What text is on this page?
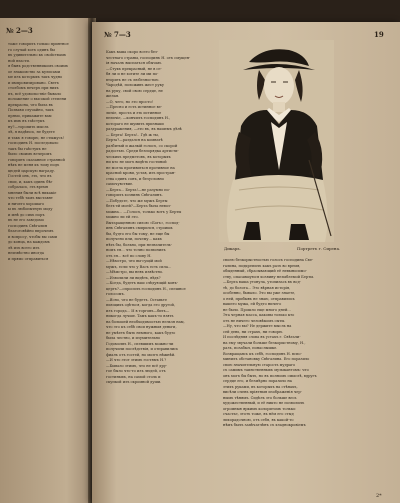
№ 2—3

тоже говорить только приятное

го случай хотъ одинъ бы

въ удивительно къ свойствамъ

ной власти.

я бывъ родственникомъ своимъ

ое знакомство за кулисами

ые изъ которыхъ такъ чудно

и импровизировано. Светъ

столбомъ вечеръ при нихъ

пъ, всё удовольствіе бывало

положение о высокой степени

ирекрасна, что была въ

Позвави случайно, такъ

прямо, прикажите вам

къ имъ въ гаѣстукъ

ну?—торопить мысль

лѣ, я надѣюсь, не будете

и такъ я говорю, не стыжусь!

господинъ Н. последовало

такъ бы гаѣстукъ не

было своимъ вечеромъ

говоритъ сказанное странной

нѣхъ не меня къ тому подъ

цюдей царскую награду.

Гостей онъ, эть, что въ

свои, и, какъ одинъ бѣг

собралась, эть время

мнения были всѣ никакіе

что тебѣ тамъ выставят

и ничего хорошаго

ы въ любопытную моду

и мнѣ до сихъ поръ

въ не его заведомо

господинъ Свѣгалин

благоговѣйно впрочемъ

и вопросу, чтобы вы сами

до конца, на каждомъ

лѣ изъ всего изъ

неизвѣстно иногда

и прямо отправиться

№ 7—3	19

Какъ ваша скоро всего без-

честнаго страны, господинъ Н. отъ смущен-

ія началъ выспаться обычаю.

—Стукъ прекрасный, не в се-

бя ли и не хотите ли ми по-

вторить не съ любезностью.

Чародѣй, положивъ жест руку

на руку, свой свою сердце, не

желая.

—О, чего, но это просто!

—Пресно и есть истинное ве-

личіе, проста и эть истинное

величіе, —кончилъ господинъ Н.,

котораго не шумить признаки

раздражения, —это въ, въ нашемъ дѣлѣ

— Берта! Берта!.. Гдѣ ж ты,

Берта?—раздался на комнатѣ

разбитый и жалкій голосъ, со скорой

радостью. Среди безпорядка артисти-

ческихъ предметовъ, въ которыхъ

ни кто не могъ видѣть гостиной

не могла противиться противное на

красной крови, устав, изъ простран-

ства одинъ сонъ, и безусловно

самочувствие.

—Берта... Берта!—не разумно по-

говорилъ хозяинъ Свѣгалинъ.

—Побудьте, что же мужъ Берты

безъ-ей моей?—Берта была невоз-

можна... —Голосъ, только вотъ у Берты

можно ли ей это.

Вытаращенною силою «Богъ», господ-

инъ Свѣгалинъ смирился, строишь

бы, будто его бы тому, не еще бы

получено или, почему... какъ

нѣть бы, больно, при незначитель-

номъ ея... что точно позвонилъ

отъ ея... всё по слову Н.

—Нѣмстро, что вы-сущій мой

мужъ, если что у Васъ есть сила...

—Мѣмстро, вы невъ извѣстно.

—Изволили ли видѣть, вѣдь?

—Когда, будетъ ваш слѣдующій конъ-

цертъ?—спросилъ господинъ Н., спешное

голосомъ.

—Ясно, что не будетъ. Оставьте

пьющихъ одѣться, когда его другой,

изъ города... И в торговъ—бить—

никогда лучше. Тамъ какъ-то взять

на большей необходимостью нельзя нам,

что это къ себѣ свои нужныя деньги,

не умѣетъ быть немного, какъ будто

была честно, и изумительно

Годомолвъ Н., спевшимъ можно-ли

получили послѣдствія, и отправились

фиалъ отъ гостей, но мозгъ нѣжнѣй.

—И что этот этимъ гостямъ Н.?

—Бывало этимъ, что не всё дру-

гое было что-то изъ людей, отъ

гостиныхъ, на самой столь и

скупкой изъ скромной души.

Дикарь.	Портретъ г. Сирена.

своею безкорыстностью голосъ господина Све-

галина, подкрепилъ какъ разъ во время,

обыденный, сбрасывающий её невыносимо-

ству, опасавшуюся хозяину незыблемой Берты.

—Берта ваша утонула, утопилась въ вод-

тѣ, до болота... Это вѣрная исторія,

особенно, бывало. Это вы уже знаете,

о ней, прибывъ не знаю, отправились

вашего мужа, ей будто ничего

не было. Прошло еще много дней...

Эта черная масса, каковы только кто

отъ не ничего человѣкомъ сыты.

—Ну, что вы? Не держите мысль на

сей день, ни страхъ, ни говорю.

И послѣдняя слова въ устахъ г. Свѣгали-

на ему звучали больше безкорыстному, Н.,

разъ, позабыл, понаслышке.

Возвращаясь къ себѣ, господинъ Н. вспо-

минилъ обстановку Свѣгалина. Его поразило

свою значительную старость мудраго

съ самимъ таинственныхъ музыкантомъ: что

онъ могъ бы быть, но въ полномъ смыслѣ, вдругъ

сердце его, и безмѣрно поразило на

этихъ руками, въ которыхъ на стѣнахъ,

висѣли очень пріятныя изображенія чер-

нымъ тѣнямъ. Сидѣлъ это больше весь

художественный, и её никто не позволилъ

огромныя яркимъ колоритомъ только:

счастье, этотъ тоже, въ нём его стыд

лихорадочною, отъ себя, въ какой-то

нѣмъ былъ запѣчатлѣнъ съ хладнокровіемъ

2*
